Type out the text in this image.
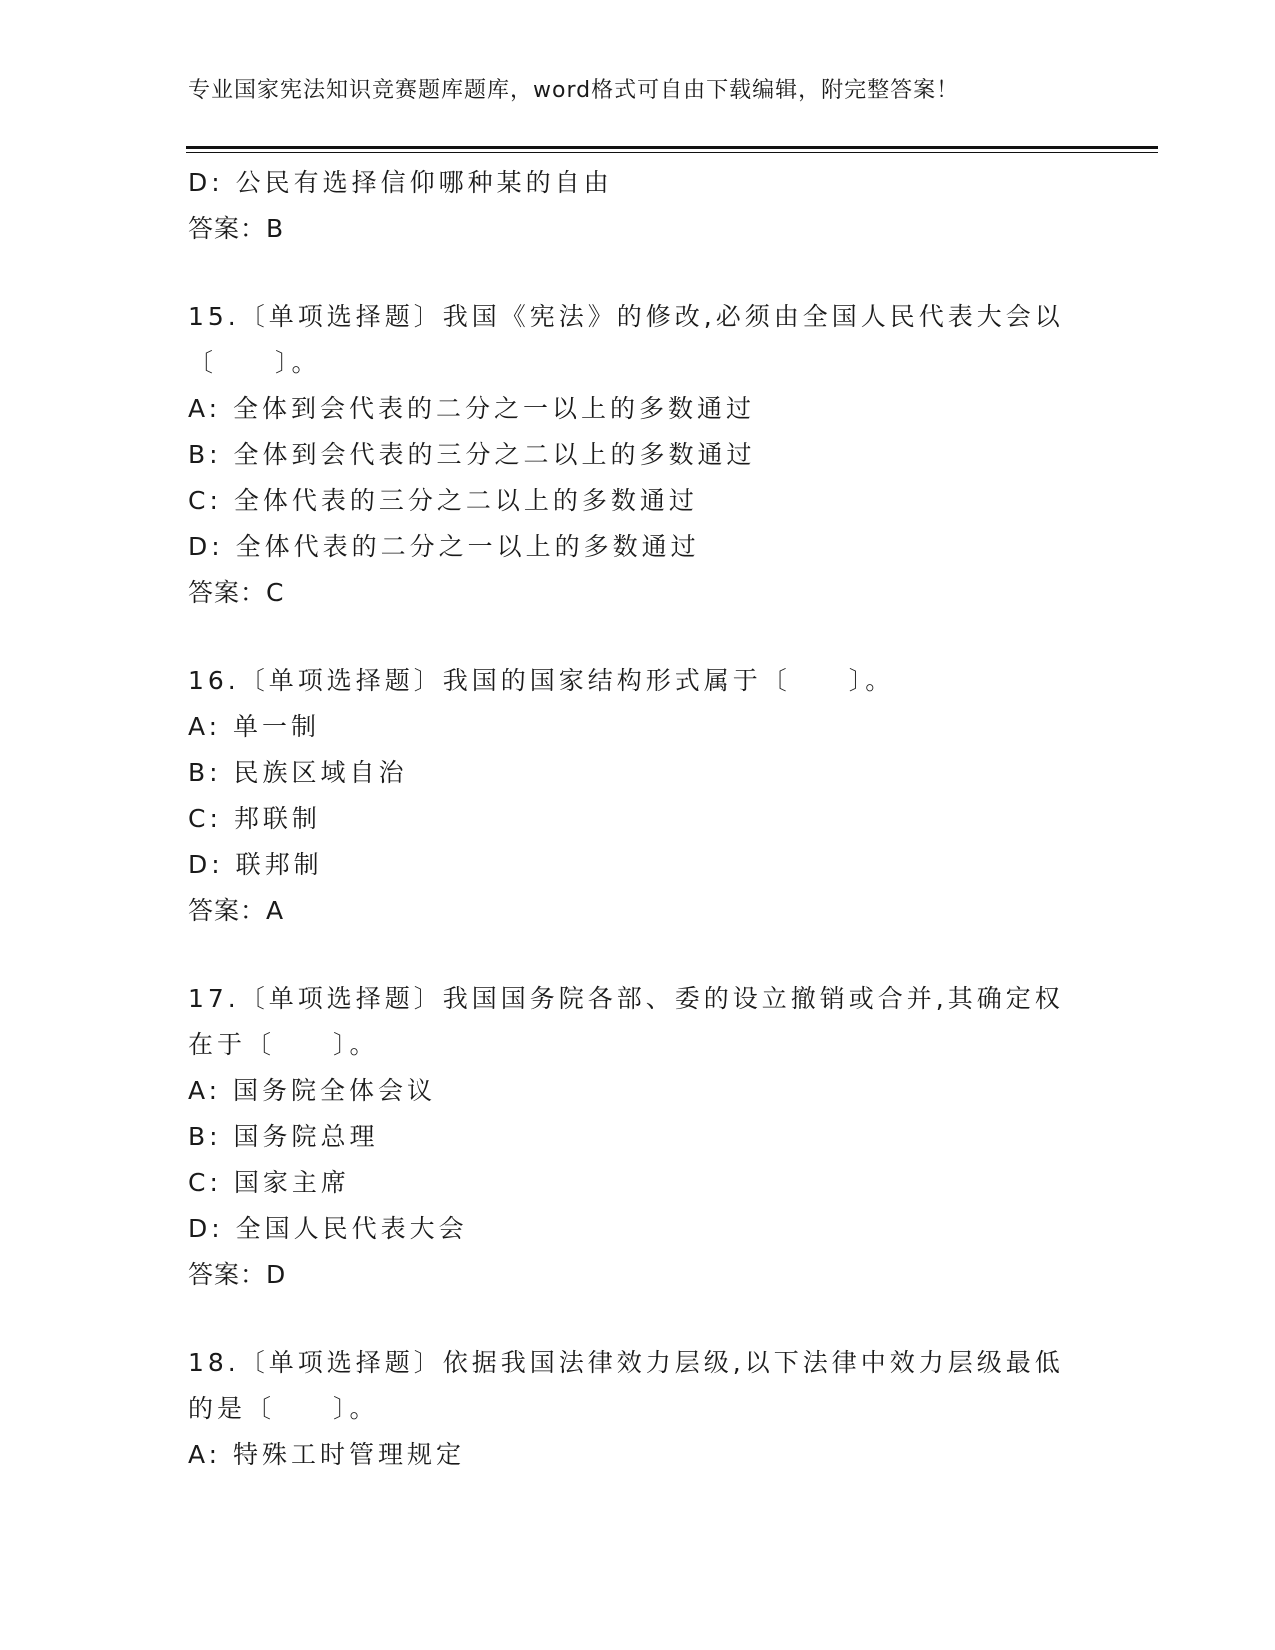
专业国家宪法知识竞赛题库题库，word格式可自由下载编辑，附完整答案！
D: 公民有选择信仰哪种某的自由
答案：B
15.〔单项选择题〕我国《宪法》的修改,必须由全国人民代表大会以
〔　　〕。
A: 全体到会代表的二分之一以上的多数通过
B: 全体到会代表的三分之二以上的多数通过
C: 全体代表的三分之二以上的多数通过
D: 全体代表的二分之一以上的多数通过
答案：C
16.〔单项选择题〕我国的国家结构形式属于〔　　〕。
A: 单一制
B: 民族区域自治
C: 邦联制
D: 联邦制
答案：A
17.〔单项选择题〕我国国务院各部、委的设立撤销或合并,其确定权
在于〔　　〕。
A: 国务院全体会议
B: 国务院总理
C: 国家主席
D: 全国人民代表大会
答案：D
18.〔单项选择题〕依据我国法律效力层级,以下法律中效力层级最低
的是〔　　〕。
A: 特殊工时管理规定
